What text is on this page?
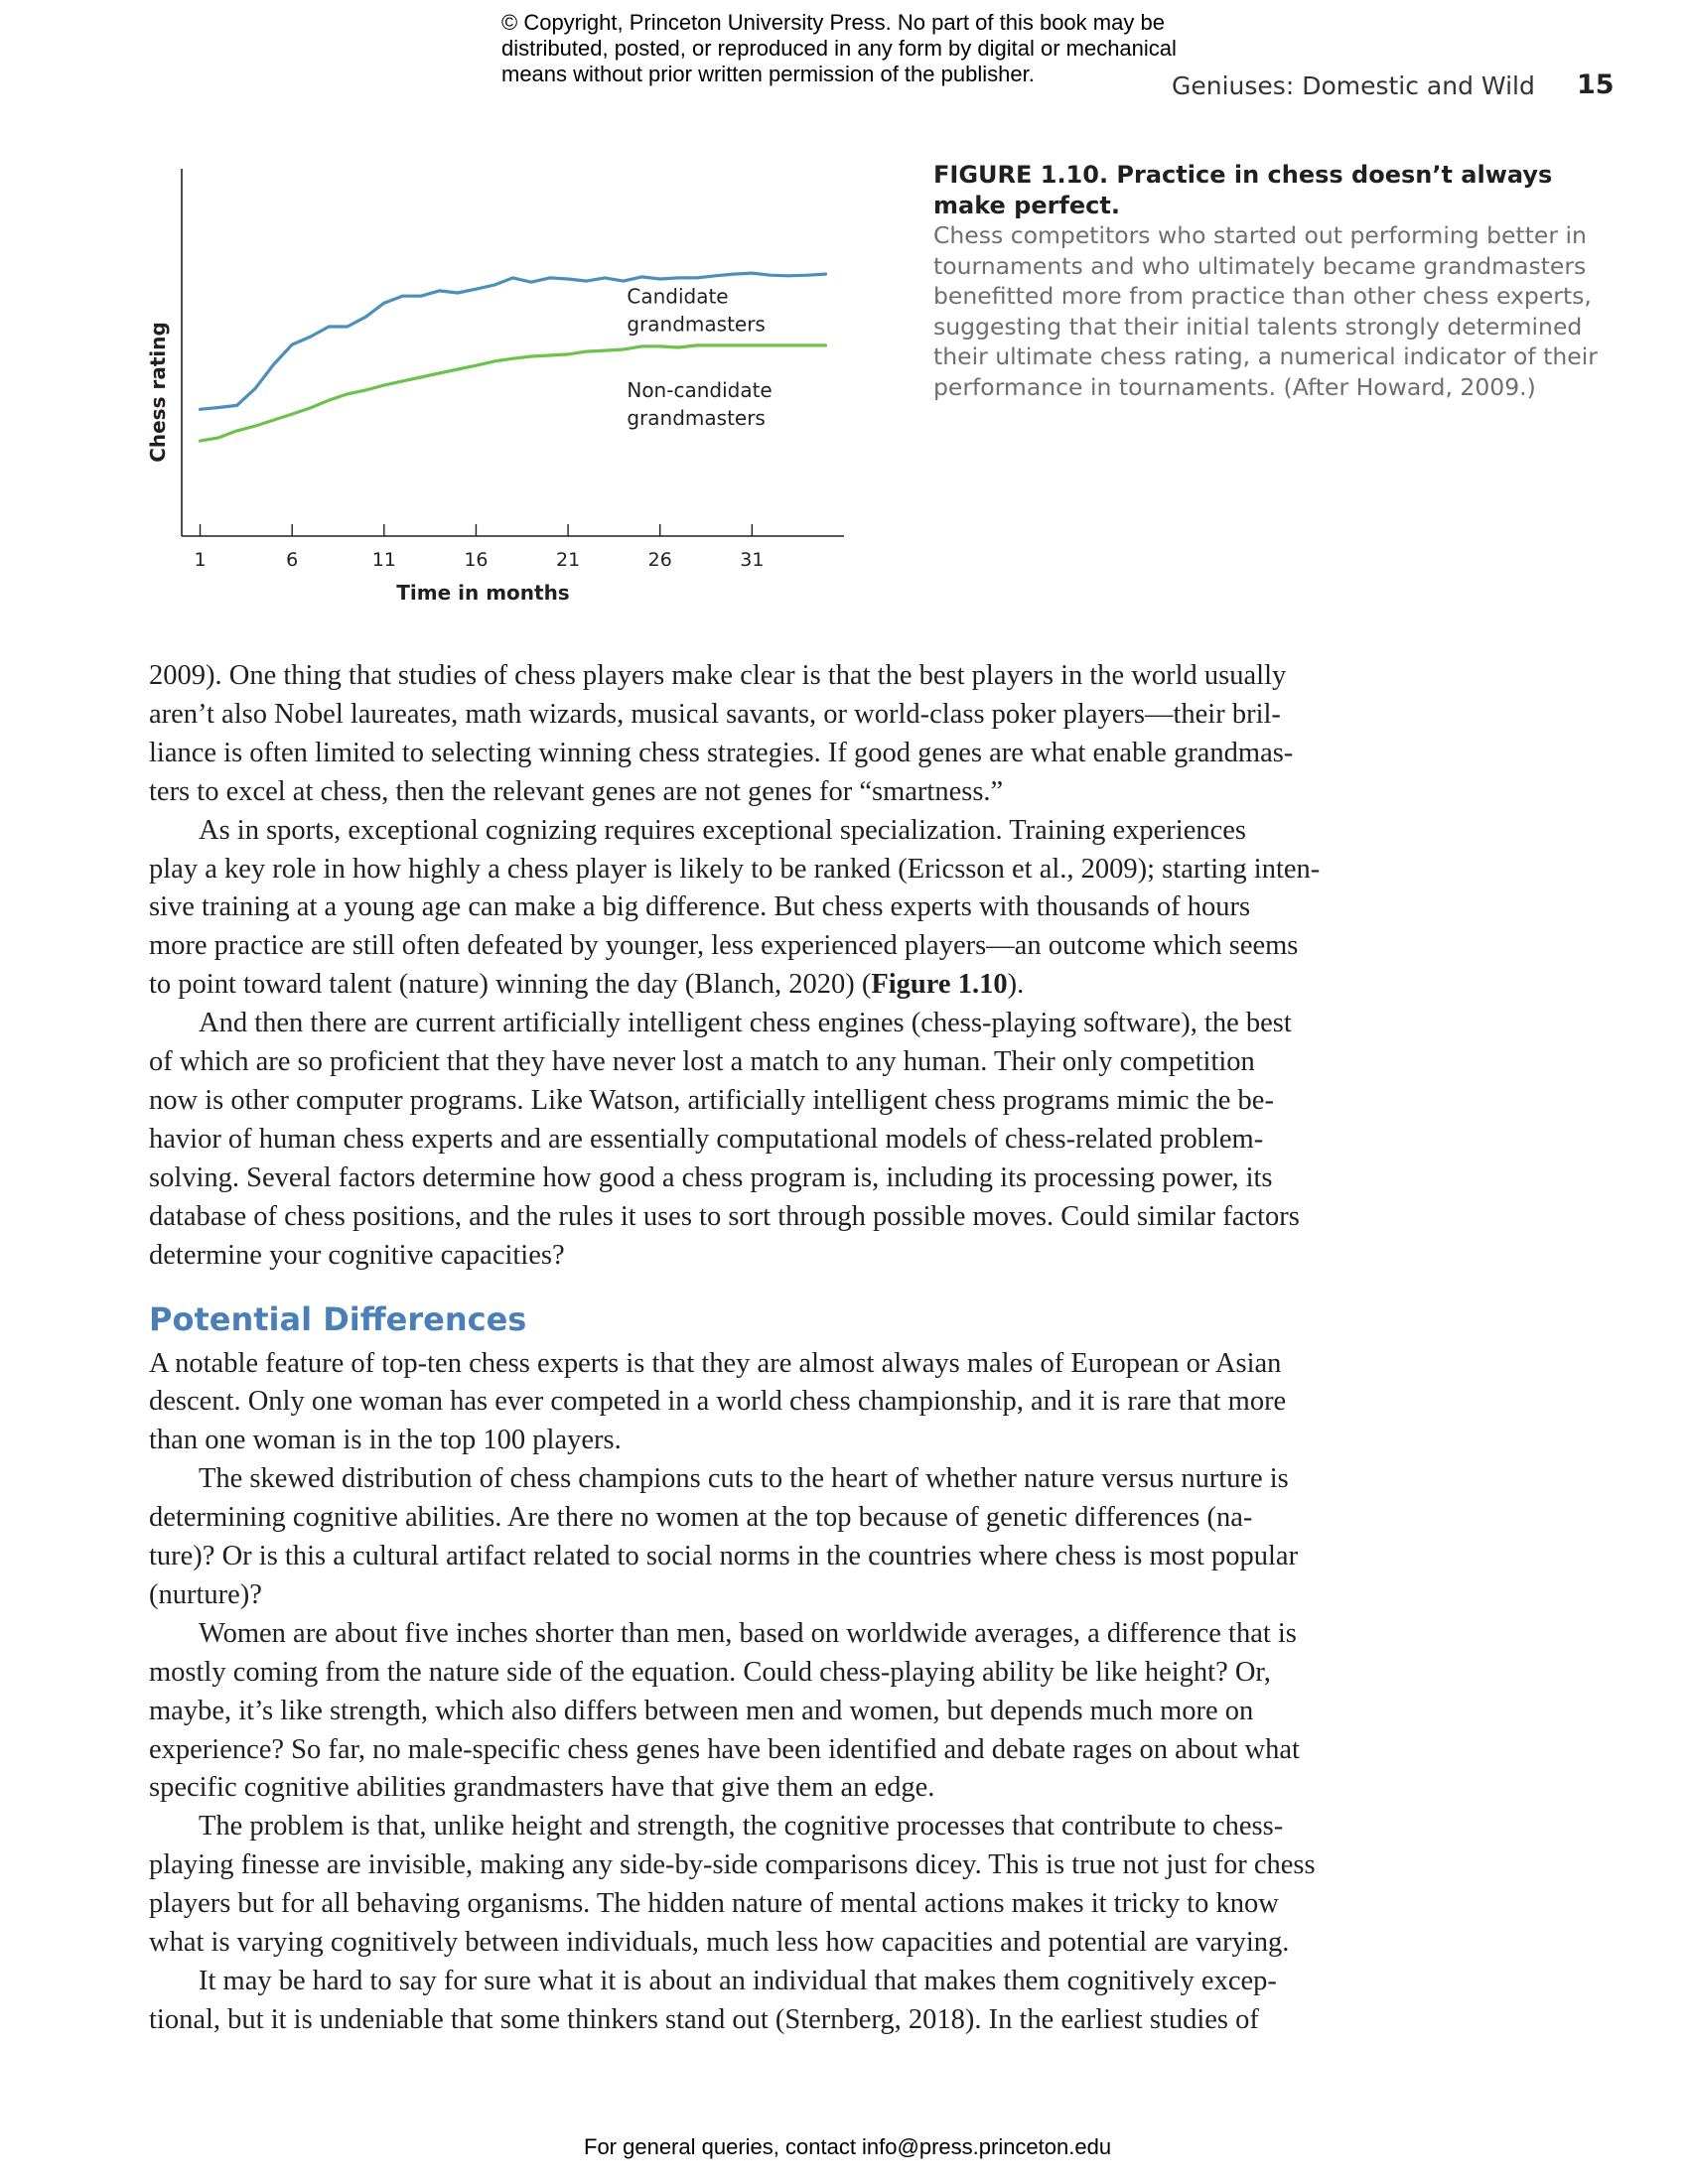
© Copyright, Princeton University Press. No part of this book may be
distributed, posted, or reproduced in any form by digital or mechanical
means without prior written permission of the publisher.	Geniuses: Domestic and Wild 15
1	6	11	16	21	26	31
Time in months
Chess rating
Candidate
grandmasters
Non-candidate
grandmasters
FIGURE 1.10. Practice in chess doesn’t always make perfect.
Chess competitors who started out performing better in
tournaments and who ultimately became grandmasters
benefitted more from practice than other chess experts,
suggesting that their initial talents strongly determined
their ultimate chess rating, a numerical indicator of their
performance in tournaments. (After Howard, 2009.)
2009). One thing that studies of chess players make clear is that the best players in the world usually
aren’t also Nobel laureates, math wizards, musical savants, or world-class poker players—their bril-
liance is often limited to selecting winning chess strategies. If good genes are what enable grandmas-
ters to excel at chess, then the relevant genes are not genes for “smartness.”
As in sports, exceptional cognizing requires exceptional specialization. Training experiences
play a key role in how highly a chess player is likely to be ranked (Ericsson et al., 2009); starting inten-
sive training at a young age can make a big difference. But chess experts with thousands of hours
more practice are still often defeated by younger, less experienced players—an outcome which seems
to point toward talent (nature) winning the day (Blanch, 2020) (Figure 1.10).
And then there are current artificially intelligent chess engines (chess-playing software), the best
of which are so proficient that they have never lost a match to any human. Their only competition
now is other computer programs. Like Watson, artificially intelligent chess programs mimic the be-
havior of human chess experts and are essentially computational models of chess-related problem-
solving. Several factors determine how good a chess program is, including its processing power, its
database of chess positions, and the rules it uses to sort through possible moves. Could similar factors
determine your cognitive capacities?
Potential Differences
A notable feature of top-ten chess experts is that they are almost always males of European or Asian
descent. Only one woman has ever competed in a world chess championship, and it is rare that more
than one woman is in the top 100 players.
The skewed distribution of chess champions cuts to the heart of whether nature versus nurture is
determining cognitive abilities. Are there no women at the top because of genetic differences (na-
ture)? Or is this a cultural artifact related to social norms in the countries where chess is most popular
(nurture)?
Women are about five inches shorter than men, based on worldwide averages, a difference that is
mostly coming from the nature side of the equation. Could chess-playing ability be like height? Or,
maybe, it’s like strength, which also differs between men and women, but depends much more on
experience? So far, no male-specific chess genes have been identified and debate rages on about what
specific cognitive abilities grandmasters have that give them an edge.
The problem is that, unlike height and strength, the cognitive processes that contribute to chess-
playing finesse are invisible, making any side-by-side comparisons dicey. This is true not just for chess
players but for all behaving organisms. The hidden nature of mental actions makes it tricky to know
what is varying cognitively between individuals, much less how capacities and potential are varying.
It may be hard to say for sure what it is about an individual that makes them cognitively excep-
tional, but it is undeniable that some thinkers stand out (Sternberg, 2018). In the earliest studies of
For general queries, contact info@press.princeton.edu
